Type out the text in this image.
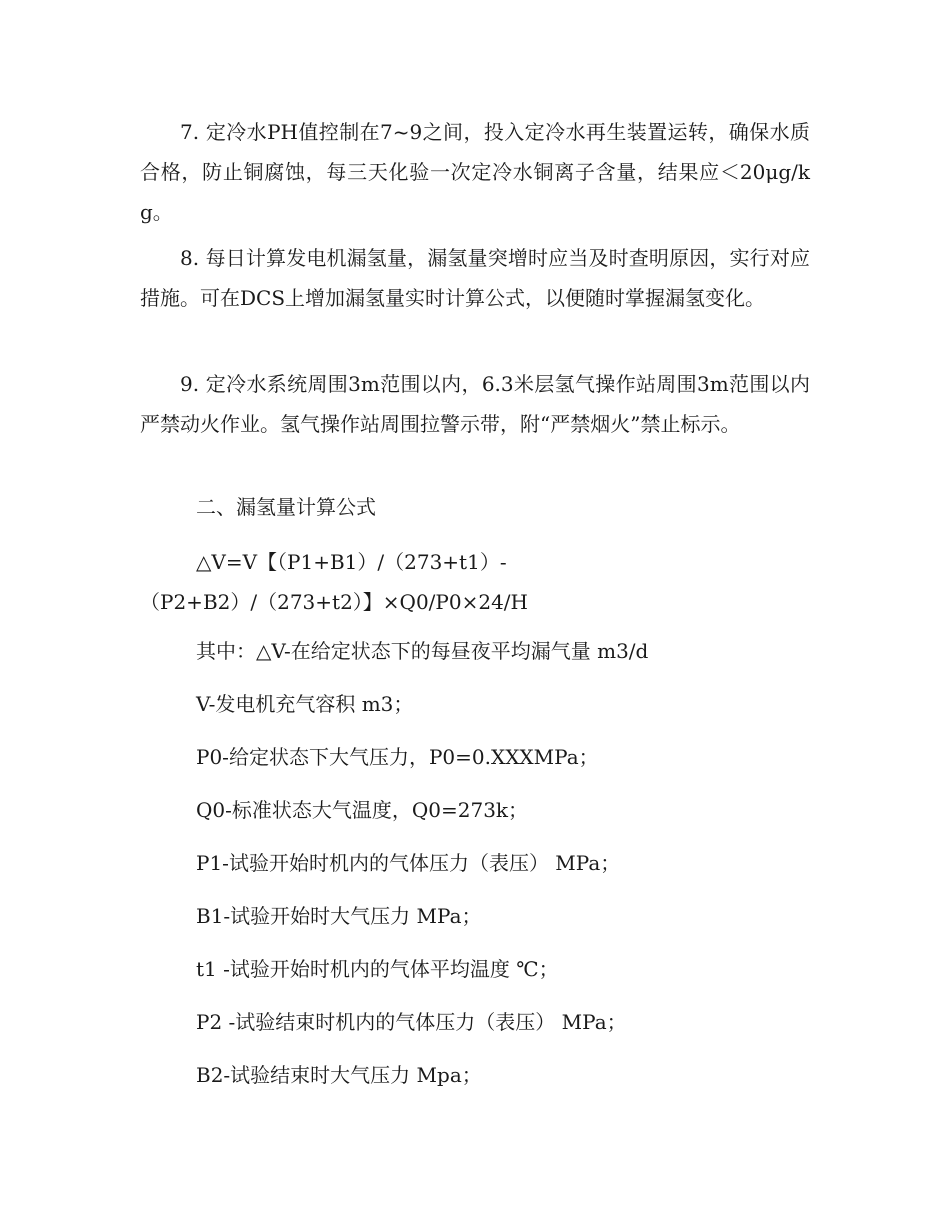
7. 定冷水PH值控制在7~9之间，投入定冷水再生装置运转，确保水质合格，防止铜腐蚀，每三天化验一次定冷水铜离子含量，结果应＜20μg/kg。

8. 每日计算发电机漏氢量，漏氢量突增时应当及时查明原因，实行对应措施。可在DCS上增加漏氢量实时计算公式，以便随时掌握漏氢变化。

9. 定冷水系统周围3m范围以内，6.3米层氢气操作站周围3m范围以内严禁动火作业。氢气操作站周围拉警示带，附“严禁烟火”禁止标示。

二、漏氢量计算公式

△V=V【（P1+B1）/（273+t1）-
（P2+B2）/（273+t2）】×Q0/P0×24/H

其中：△V-在给定状态下的每昼夜平均漏气量 m3/d

V-发电机充气容积 m3；

P0-给定状态下大气压力，P0=0.XXXMPa；

Q0-标准状态大气温度，Q0=273k；

P1-试验开始时机内的气体压力（表压） MPa；

B1-试验开始时大气压力 MPa；

t1 -试验开始时机内的气体平均温度 ℃；

P2 -试验结束时机内的气体压力（表压） MPa；

B2-试验结束时大气压力 Mpa；
